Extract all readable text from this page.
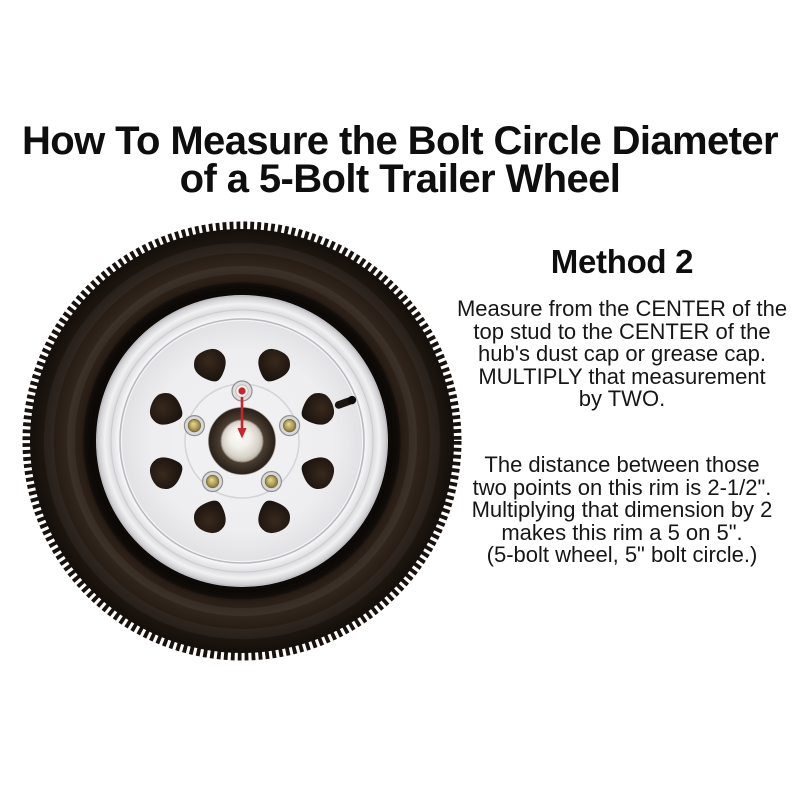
How To Measure the Bolt Circle Diameter
of a 5-Bolt Trailer Wheel
Method 2
Measure from the CENTER of the
top stud to the CENTER of the
hub's dust cap or grease cap.
MULTIPLY that measurement
by TWO.
The distance between those
two points on this rim is 2-1/2".
Multiplying that dimension by 2
makes this rim a 5 on 5".
(5-bolt wheel, 5" bolt circle.)
